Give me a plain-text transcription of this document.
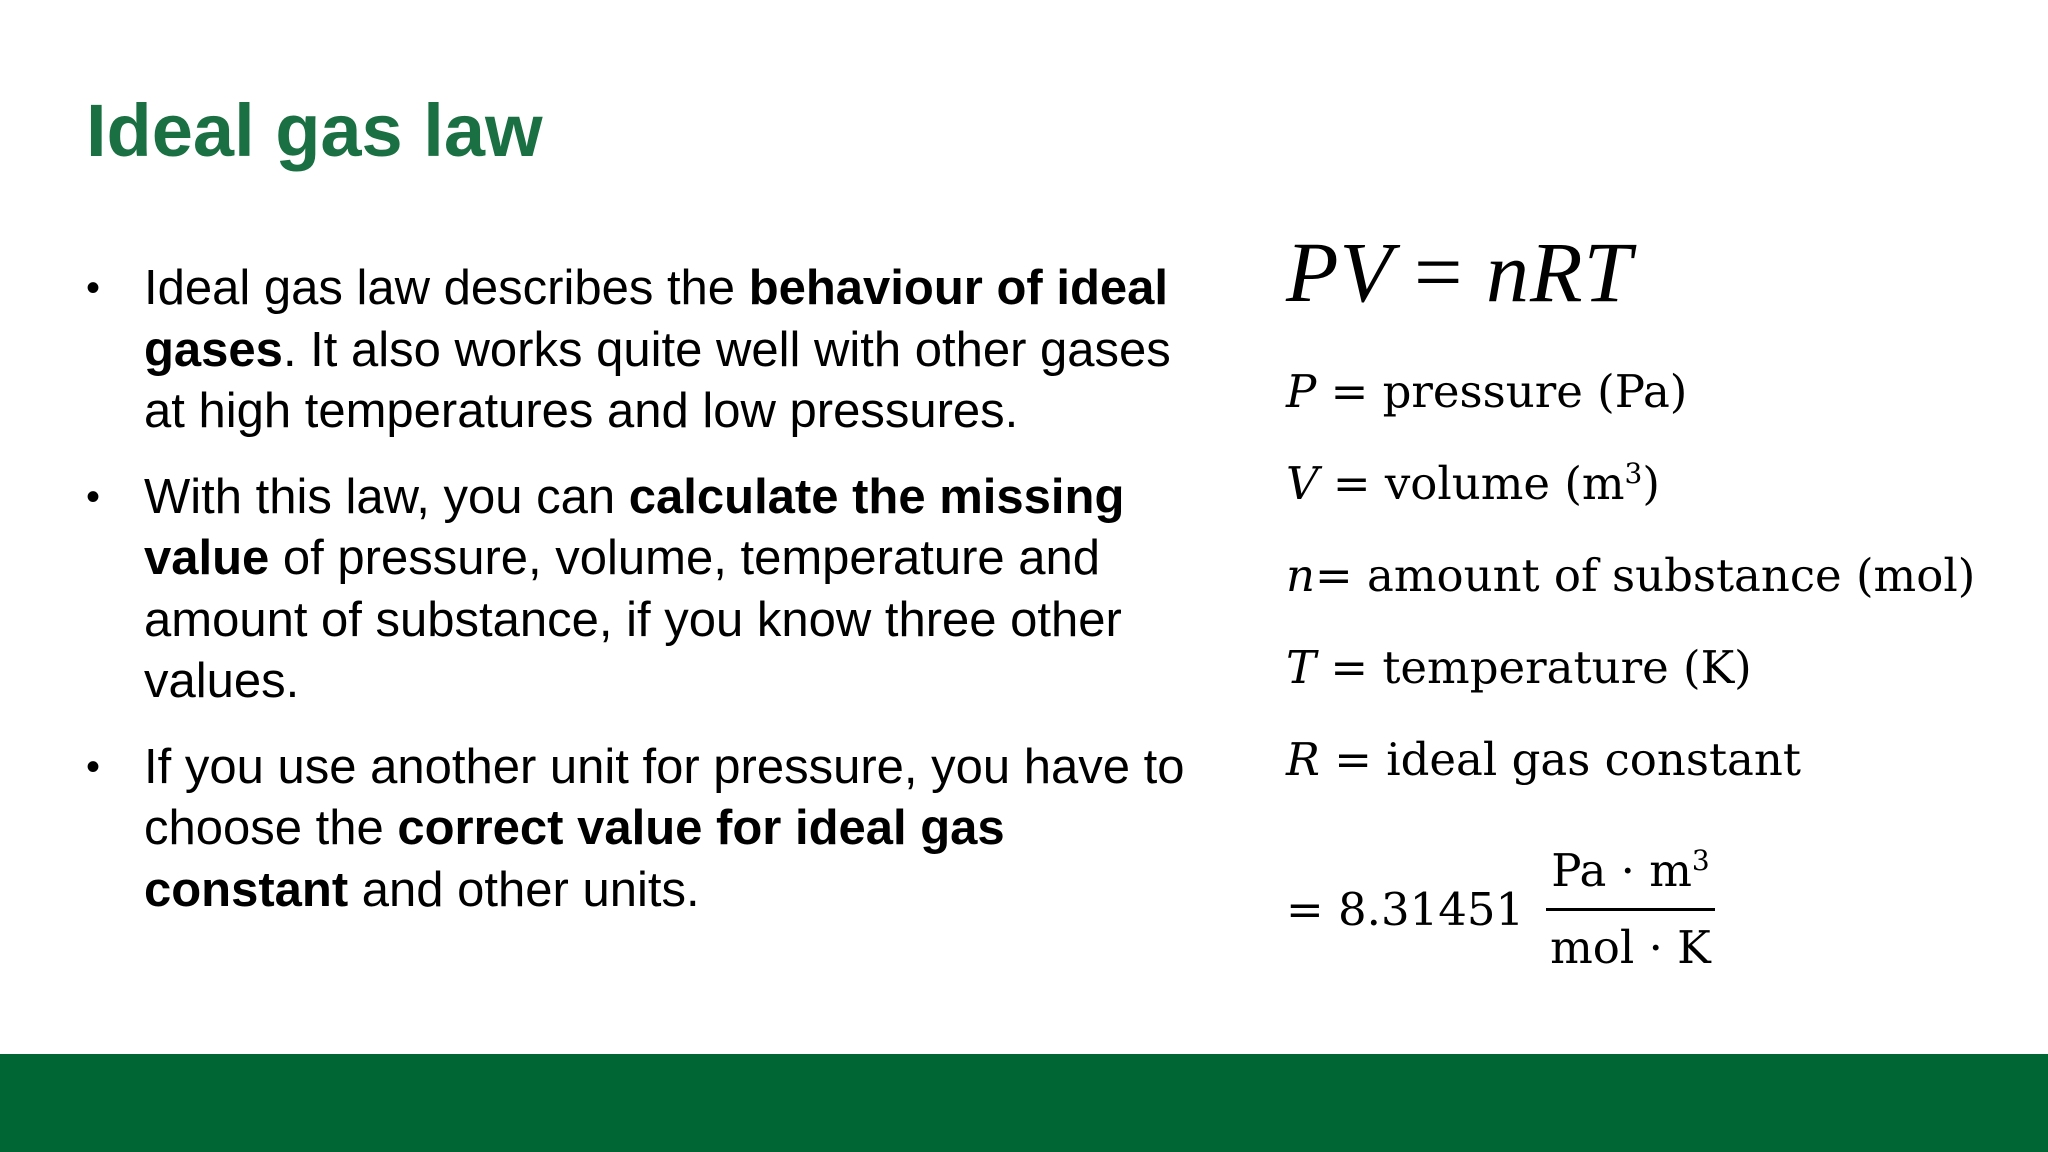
Ideal gas law
• Ideal gas law describes the behaviour of ideal gases. It also works quite well with other gases at high temperatures and low pressures.
• With this law, you can calculate the missing value of pressure, volume, temperature and amount of substance, if you know three other values.
• If you use another unit for pressure, you have to choose the correct value for ideal gas constant and other units.
PV = nRT
P = pressure (Pa)
V = volume $(m^3)$
n= amount of substance (mol)
T = temperature (K)
R = ideal gas constant
= $8.31451 \frac{Pa \cdot m^3}{\text{mol · K}}$
